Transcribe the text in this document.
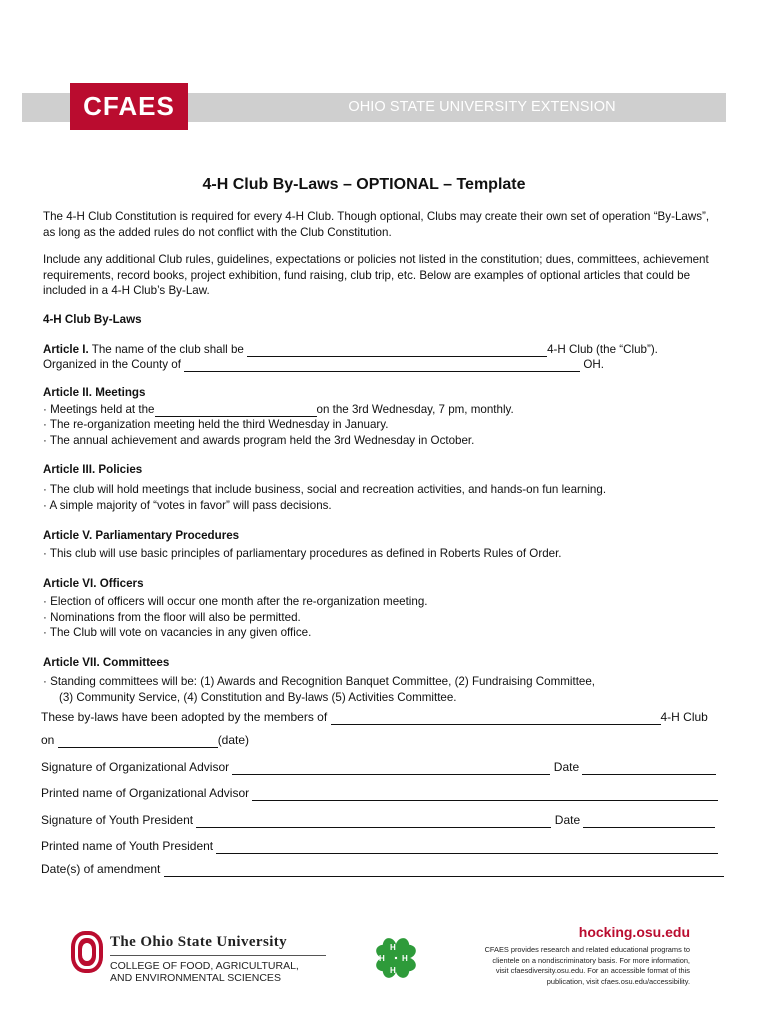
OHIO STATE UNIVERSITY EXTENSION
CFAES
4-H Club By-Laws – OPTIONAL – Template

The 4-H Club Constitution is required for every 4-H Club. Though optional, Clubs may create their own set of operation “By-Laws”, as long as the added rules do not conflict with the Club Constitution.

Include any additional Club rules, guidelines, expectations or policies not listed in the constitution; dues, committees, achievement requirements, record books, project exhibition, fund raising, club trip, etc. Below are examples of optional articles that could be included in a 4-H Club’s By-Law.

4-H Club By-Laws

Article I. The name of the club shall be	4-H Club (the “Club”).

Organized in the County of	OH.

Article II. Meetings

· Meetings held at the	on the 3rd Wednesday, 7 pm, monthly.

· The re-organization meeting held the third Wednesday in January.

· The annual achievement and awards program held the 3rd Wednesday in October.

Article III. Policies

· The club will hold meetings that include business, social and recreation activities, and hands-on fun learning.

· A simple majority of “votes in favor” will pass decisions.

Article V. Parliamentary Procedures

· This club will use basic principles of parliamentary procedures as defined in Roberts Rules of Order.

Article VI. Officers

· Election of officers will occur one month after the re-organization meeting.

· Nominations from the floor will also be permitted.

· The Club will vote on vacancies in any given office.

Article VII. Committees

· Standing committees will be: (1) Awards and Recognition Banquet Committee, (2) Fundraising Committee,

(3) Community Service, (4) Constitution and By-laws (5) Activities Committee.

These by-laws have been adopted by the members of	4-H Club

on	(date)

Signature of Organizational Advisor	Date

Printed name of Organizational Advisor

Signature of Youth President	Date

Printed name of Youth President

Date(s) of amendment

The Ohio State University
COLLEGE OF FOOD, AGRICULTURAL,
AND ENVIRONMENTAL SCIENCES
H
H
H H
hocking.osu.edu
CFAES provides research and related educational programs to
clientele on a nondiscriminatory basis. For more information,
visit cfaesdiversity.osu.edu. For an accessible format of this
publication, visit cfaes.osu.edu/accessibility.
